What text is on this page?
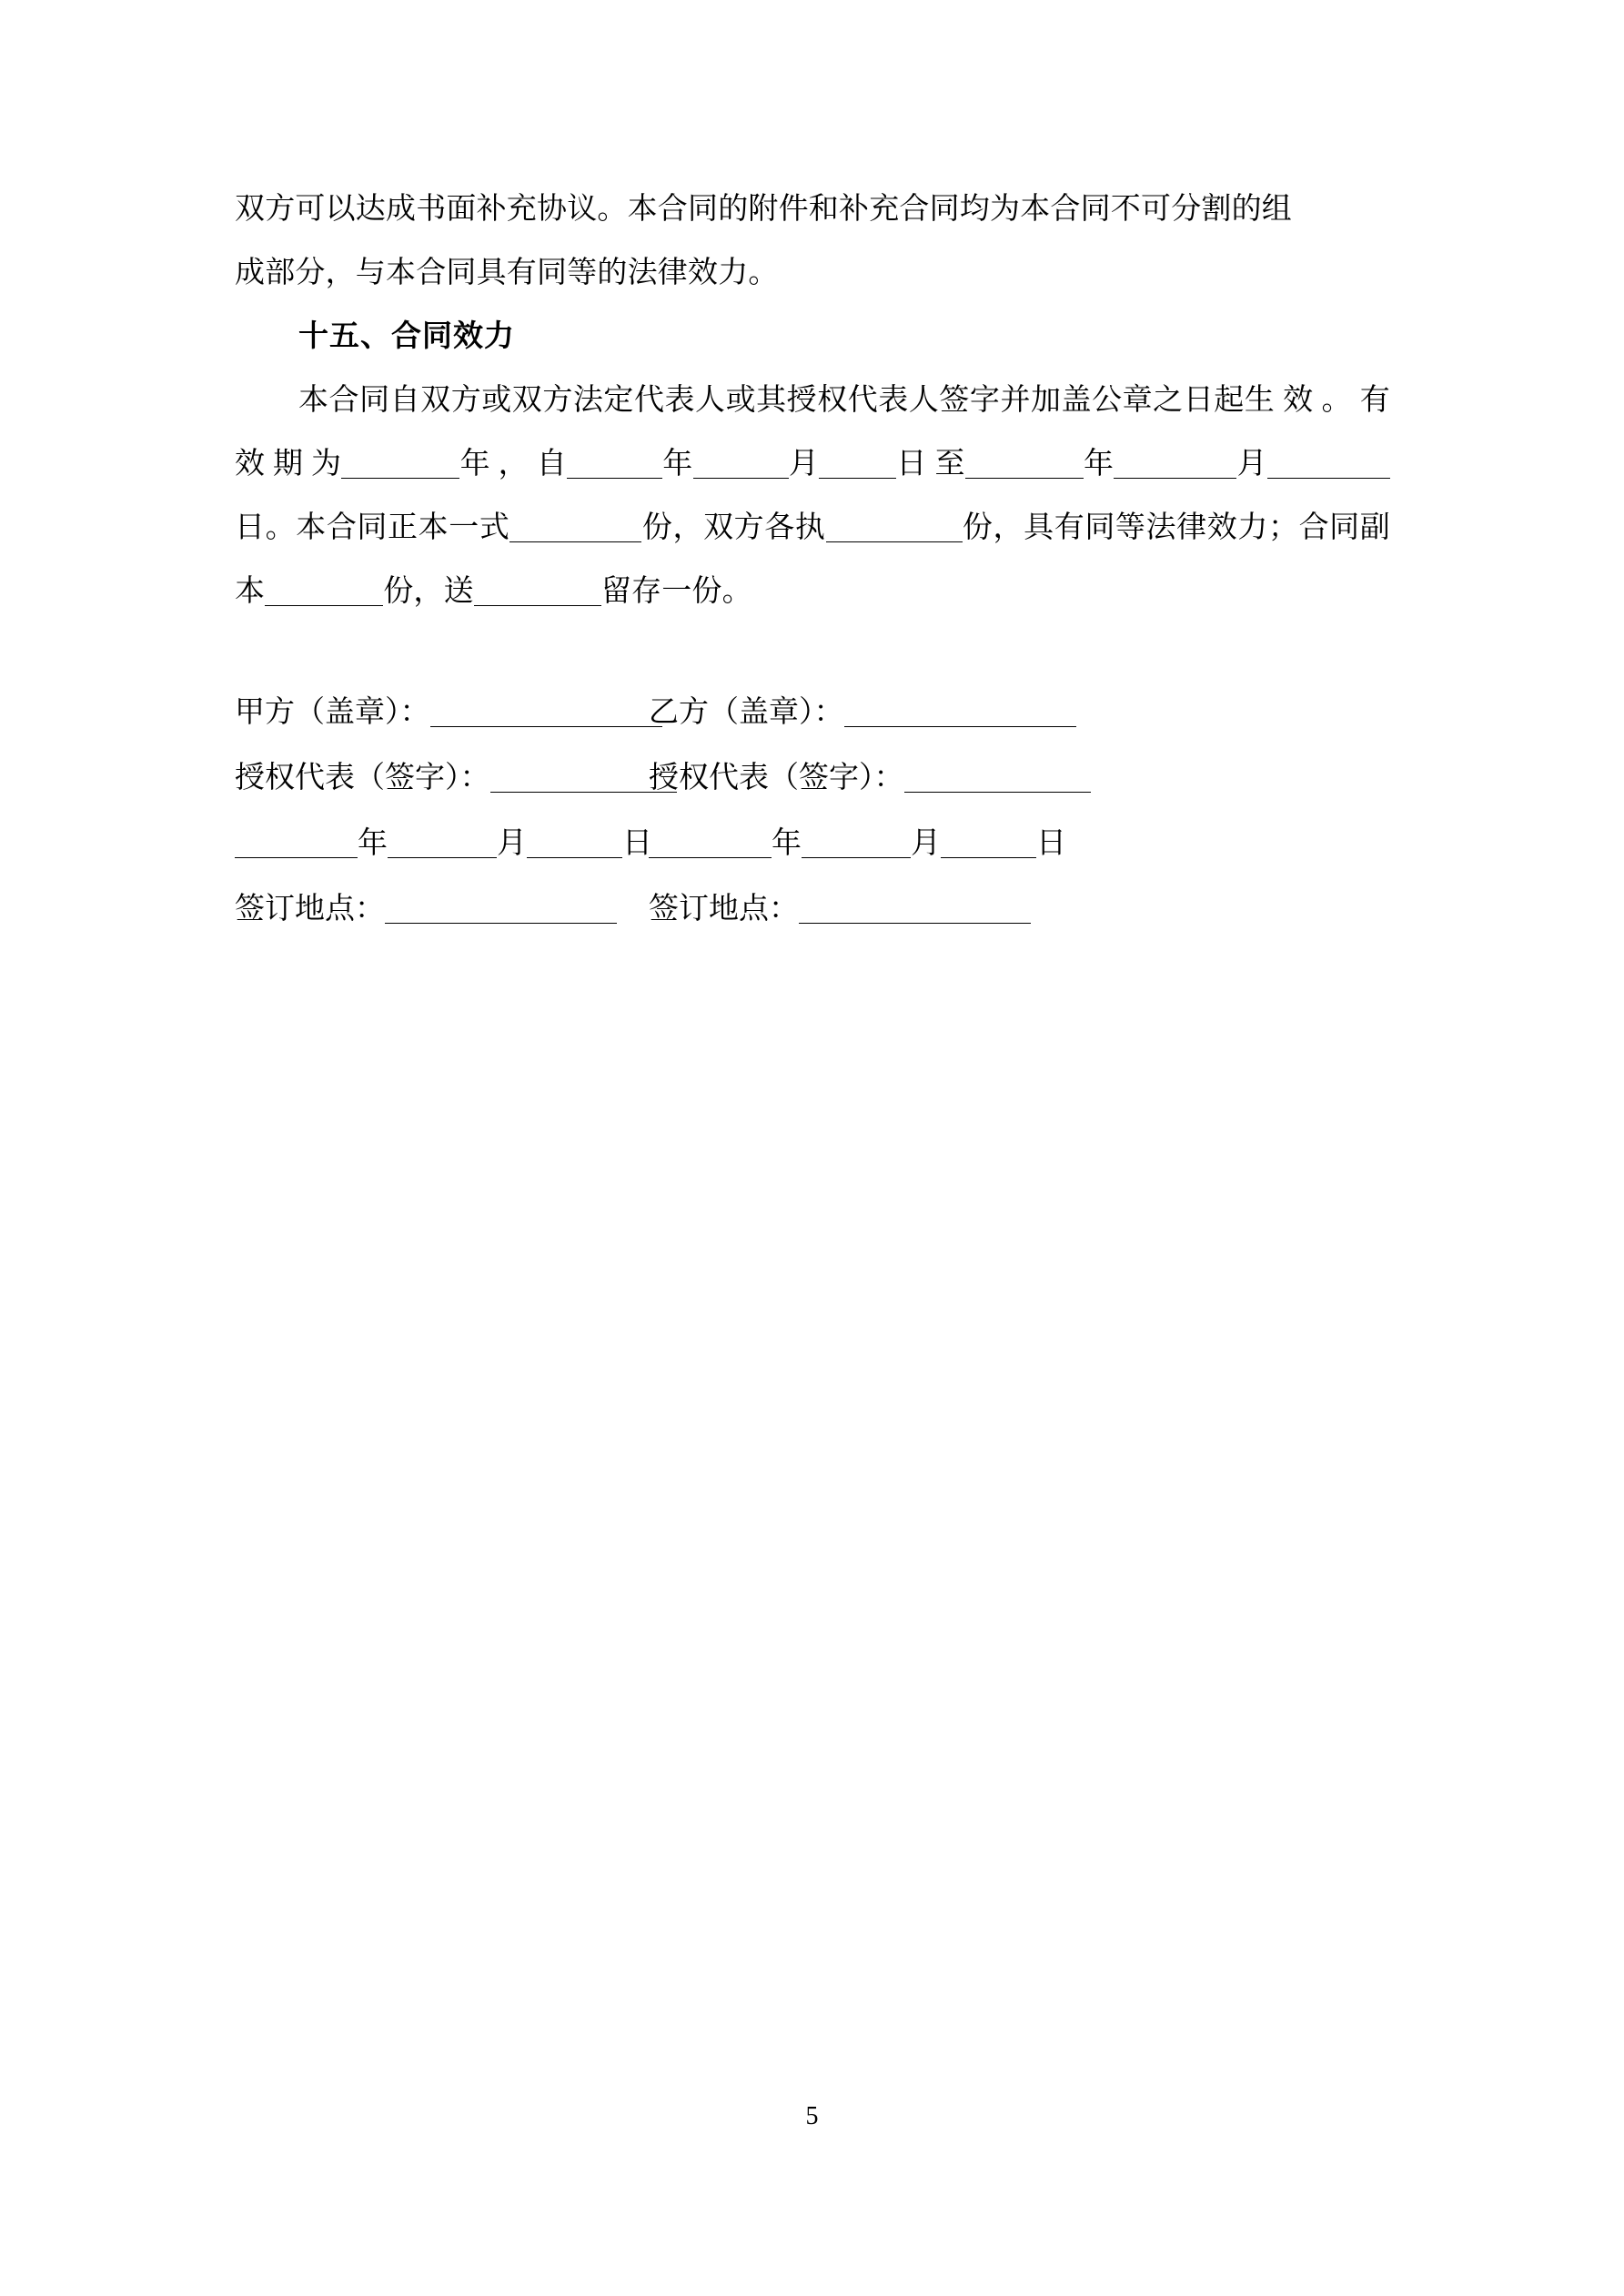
双方可以达成书面补充协议。本合同的附件和补充合同均为本合同不可分割的组
成部分，与本合同具有同等的法律效力。

十五、合同效力

本合同自双方或双方法定代表人或其授权代表人签字并加盖公章之日起生 效 。 有 效 期 为	年 ， 自	年	月	日 至	年	月日。本合同正本一式	份，双方各执	份，具有同等法律效力；合同副本	份，送	留存一份。

甲方（盖章）：	乙方（盖章）：
授权代表（签字）：	授权代表（签字）：
年	月	日	年	月	日
签订地点：	签订地点：
5
